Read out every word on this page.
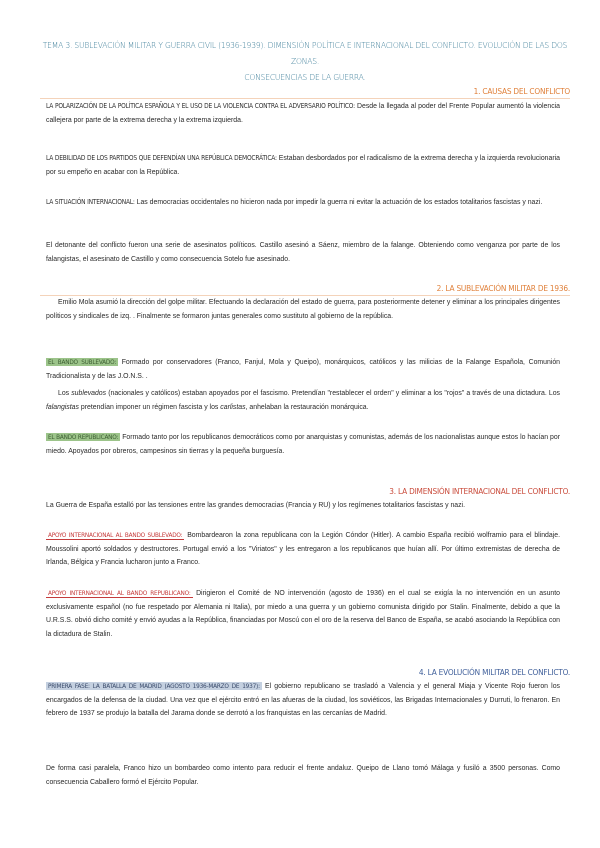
TEMA 3. SUBLEVACIÓN MILITAR Y GUERRA CIVIL (1936-1939). DIMENSIÓN POLÍTICA E INTERNACIONAL DEL CONFLICTO. EVOLUCIÓN DE LAS DOS ZONAS.
CONSECUENCIAS DE LA GUERRA.
1. CAUSAS DEL CONFLICTO
LA POLARIZACIÓN DE LA POLÍTICA ESPAÑOLA Y EL USO DE LA VIOLENCIA CONTRA EL ADVERSARIO POLÍTICO: Desde la llegada al poder del Frente Popular aumentó la violencia callejera por parte de la extrema derecha y la extrema izquierda.
LA DEBILIDAD DE LOS PARTIDOS QUE DEFENDÍAN UNA REPÚBLICA DEMOCRÁTICA: Estaban desbordados por el radicalismo de la extrema derecha y la izquierda revolucionaria por su empeño en acabar con la República.
LA SITUACIÓN INTERNACIONAL: Las democracias occidentales no hicieron nada por impedir la guerra ni evitar la actuación de los estados totalitarios fascistas y nazi.
El detonante del conflicto fueron una serie de asesinatos políticos. Castillo asesinó a Sáenz, miembro de la falange. Obteniendo como venganza por parte de los falangistas, el asesinato de Castillo y como consecuencia Sotelo fue asesinado.
2. LA SUBLEVACIÓN MILITAR DE 1936.
Emilio Mola asumió la dirección del golpe militar. Efectuando la declaración del estado de guerra, para posteriormente detener y eliminar a los principales dirigentes políticos y sindicales de izq. . Finalmente se formaron juntas generales como sustituto al gobierno de la república.
EL BANDO SUBLEVADO: Formado por conservadores (Franco, Fanjul, Mola y Queipo), monárquicos, católicos y las milicias de la Falange Española, Comunión Tradicionalista y de las J.O.N.S. .
Los sublevados (nacionales y católicos) estaban apoyados por el fascismo. Pretendían "restablecer el orden" y eliminar a los "rojos" a través de una dictadura. Los falangistas pretendían imponer un régimen fascista y los carlistas, anhelaban la restauración monárquica.
EL BANDO REPUBLICANO: Formado tanto por los republicanos democráticos como por anarquistas y comunistas, además de los nacionalistas aunque estos lo hacían por miedo. Apoyados por obreros, campesinos sin tierras y la pequeña burguesía.
3. LA DIMENSIÓN INTERNACIONAL DEL CONFLICTO.
La Guerra de España estalló por las tensiones entre las grandes democracias (Francia y RU) y los regímenes totalitarios fascistas y nazi.
APOYO INTERNACIONAL AL BANDO SUBLEVADO: Bombardearon la zona republicana con la Legión Cóndor (Hitler). A cambio España recibió wolframio para el blindaje. Moussolini aportó soldados y destructores. Portugal envió a los "Viriatos" y les entregaron a los republicanos que huían allí. Por último extremistas de derecha de Irlanda, Bélgica y Francia lucharon junto a Franco.
APOYO INTERNACIONAL AL BANDO REPUBLICANO: Dirigieron el Comité de NO intervención (agosto de 1936) en el cual se exigía la no intervención en un asunto exclusivamente español (no fue respetado por Alemania ni Italia), por miedo a una guerra y un gobierno comunista dirigido por Stalin. Finalmente, debido a que la U.R.S.S. obvió dicho comité y envió ayudas a la República, financiadas por Moscú con el oro de la reserva del Banco de España, se acabó asociando la República con la dictadura de Stalin.
4. LA EVOLUCIÓN MILITAR DEL CONFLICTO.
PRIMERA FASE: LA BATALLA DE MADRID (AGOSTO 1936-MARZO DE 1937): El gobierno republicano se trasladó a Valencia y el general Miaja y Vicente Rojo fueron los encargados de la defensa de la ciudad. Una vez que el ejército entró en las afueras de la ciudad, los soviéticos, las Brigadas Internacionales y Durruti, lo frenaron. En febrero de 1937 se produjo la batalla del Jarama donde se derrotó a los franquistas en las cercanías de Madrid.
De forma casi paralela, Franco hizo un bombardeo como intento para reducir el frente andaluz. Queipo de Llano tomó Málaga y fusiló a 3500 personas. Como consecuencia Caballero formó el Ejército Popular.
